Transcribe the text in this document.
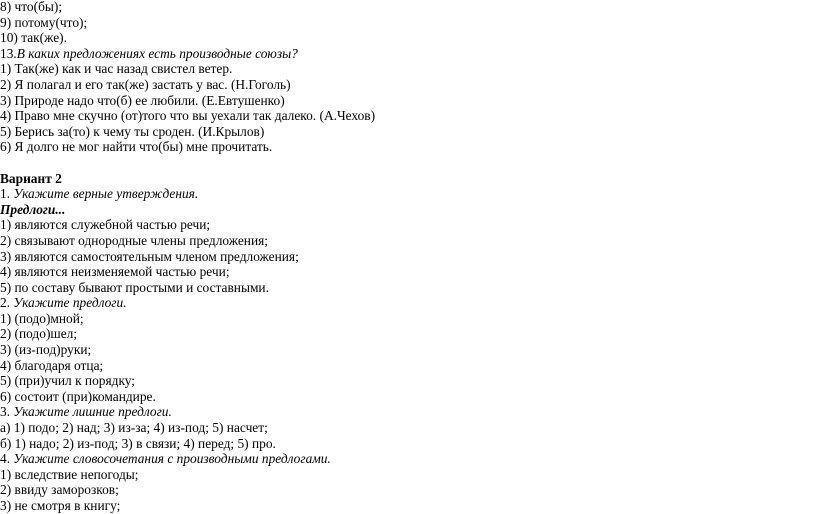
8) что(бы);
9) потому(что);
10) так(же).
13.В каких предложениях есть производные союзы?
1) Так(же) как и час назад свистел ветер.
2) Я полагал и его так(же) застать у вас. (Н.Гоголь)
3) Природе надо что(б) ее любили. (Е.Евтушенко)
4) Право мне скучно (от)того что вы уехали так далеко. (А.Чехов)
5) Берись за(то) к чему ты сроден. (И.Крылов)
6) Я долго не мог найти что(бы) мне прочитать.
Вариант 2
1. Укажите верные утверждения.
Предлоги...
1) являются служебной частью речи;
2) связывают однородные члены предложения;
3) являются самостоятельным членом предложения;
4) являются неизменяемой частью речи;
5) по составу бывают простыми и составными.
2. Укажите предлоги.
1) (подо)мной;
2) (подо)шел;
3) (из-под)руки;
4) благодаря отца;
5) (при)учил к порядку;
6) состоит (при)командире.
3. Укажите лишние предлоги.
а) 1) подо; 2) над; 3) из-за; 4) из-под; 5) насчет;
б) 1) надо; 2) из-под; 3) в связи; 4) перед; 5) про.
4. Укажите словосочетания с производными предлогами.
1) вследствие непогоды;
2) ввиду заморозков;
3) не смотря в книгу;
